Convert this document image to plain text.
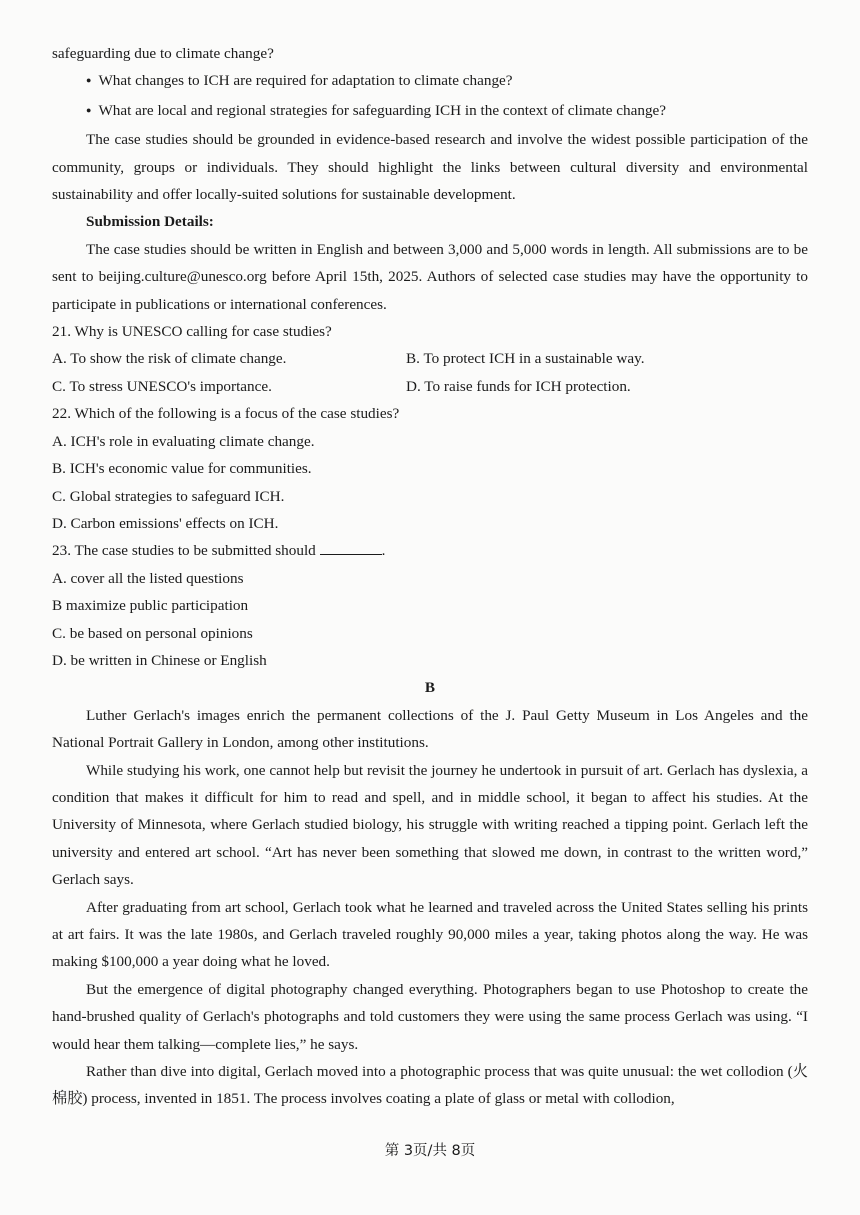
safeguarding due to climate change?

● What changes to ICH are required for adaptation to climate change?

● What are local and regional strategies for safeguarding ICH in the context of climate change?

The case studies should be grounded in evidence-based research and involve the widest possible participation of the community, groups or individuals. They should highlight the links between cultural diversity and environmental sustainability and offer locally-suited solutions for sustainable development.

Submission Details:

The case studies should be written in English and between 3,000 and 5,000 words in length. All submissions are to be sent to beijing.culture@unesco.org before April 15th, 2025. Authors of selected case studies may have the opportunity to participate in publications or international conferences.

21. Why is UNESCO calling for case studies?

A. To show the risk of climate change.	B. To protect ICH in a sustainable way.

C. To stress UNESCO's importance.	D. To raise funds for ICH protection.

22. Which of the following is a focus of the case studies?

A. ICH's role in evaluating climate change.

B. ICH's economic value for communities.

C. Global strategies to safeguard ICH.

D. Carbon emissions' effects on ICH.

23. The case studies to be submitted should	.

A. cover all the listed questions

B maximize public participation

C. be based on personal opinions

D. be written in Chinese or English

B

Luther Gerlach's images enrich the permanent collections of the J. Paul Getty Museum in Los Angeles and the National Portrait Gallery in London, among other institutions.

While studying his work, one cannot help but revisit the journey he undertook in pursuit of art. Gerlach has dyslexia, a condition that makes it difficult for him to read and spell, and in middle school, it began to affect his studies. At the University of Minnesota, where Gerlach studied biology, his struggle with writing reached a tipping point. Gerlach left the university and entered art school. “Art has never been something that slowed me down, in contrast to the written word,” Gerlach says.

After graduating from art school, Gerlach took what he learned and traveled across the United States selling his prints at art fairs. It was the late 1980s, and Gerlach traveled roughly 90,000 miles a year, taking photos along the way. He was making $100,000 a year doing what he loved.

But the emergence of digital photography changed everything. Photographers began to use Photoshop to create the hand-brushed quality of Gerlach's photographs and told customers they were using the same process Gerlach was using. “I would hear them talking—complete lies,” he says.

Rather than dive into digital, Gerlach moved into a photographic process that was quite unusual: the wet collodion (火棉胶) process, invented in 1851. The process involves coating a plate of glass or metal with collodion,

第 3页/共 8页
